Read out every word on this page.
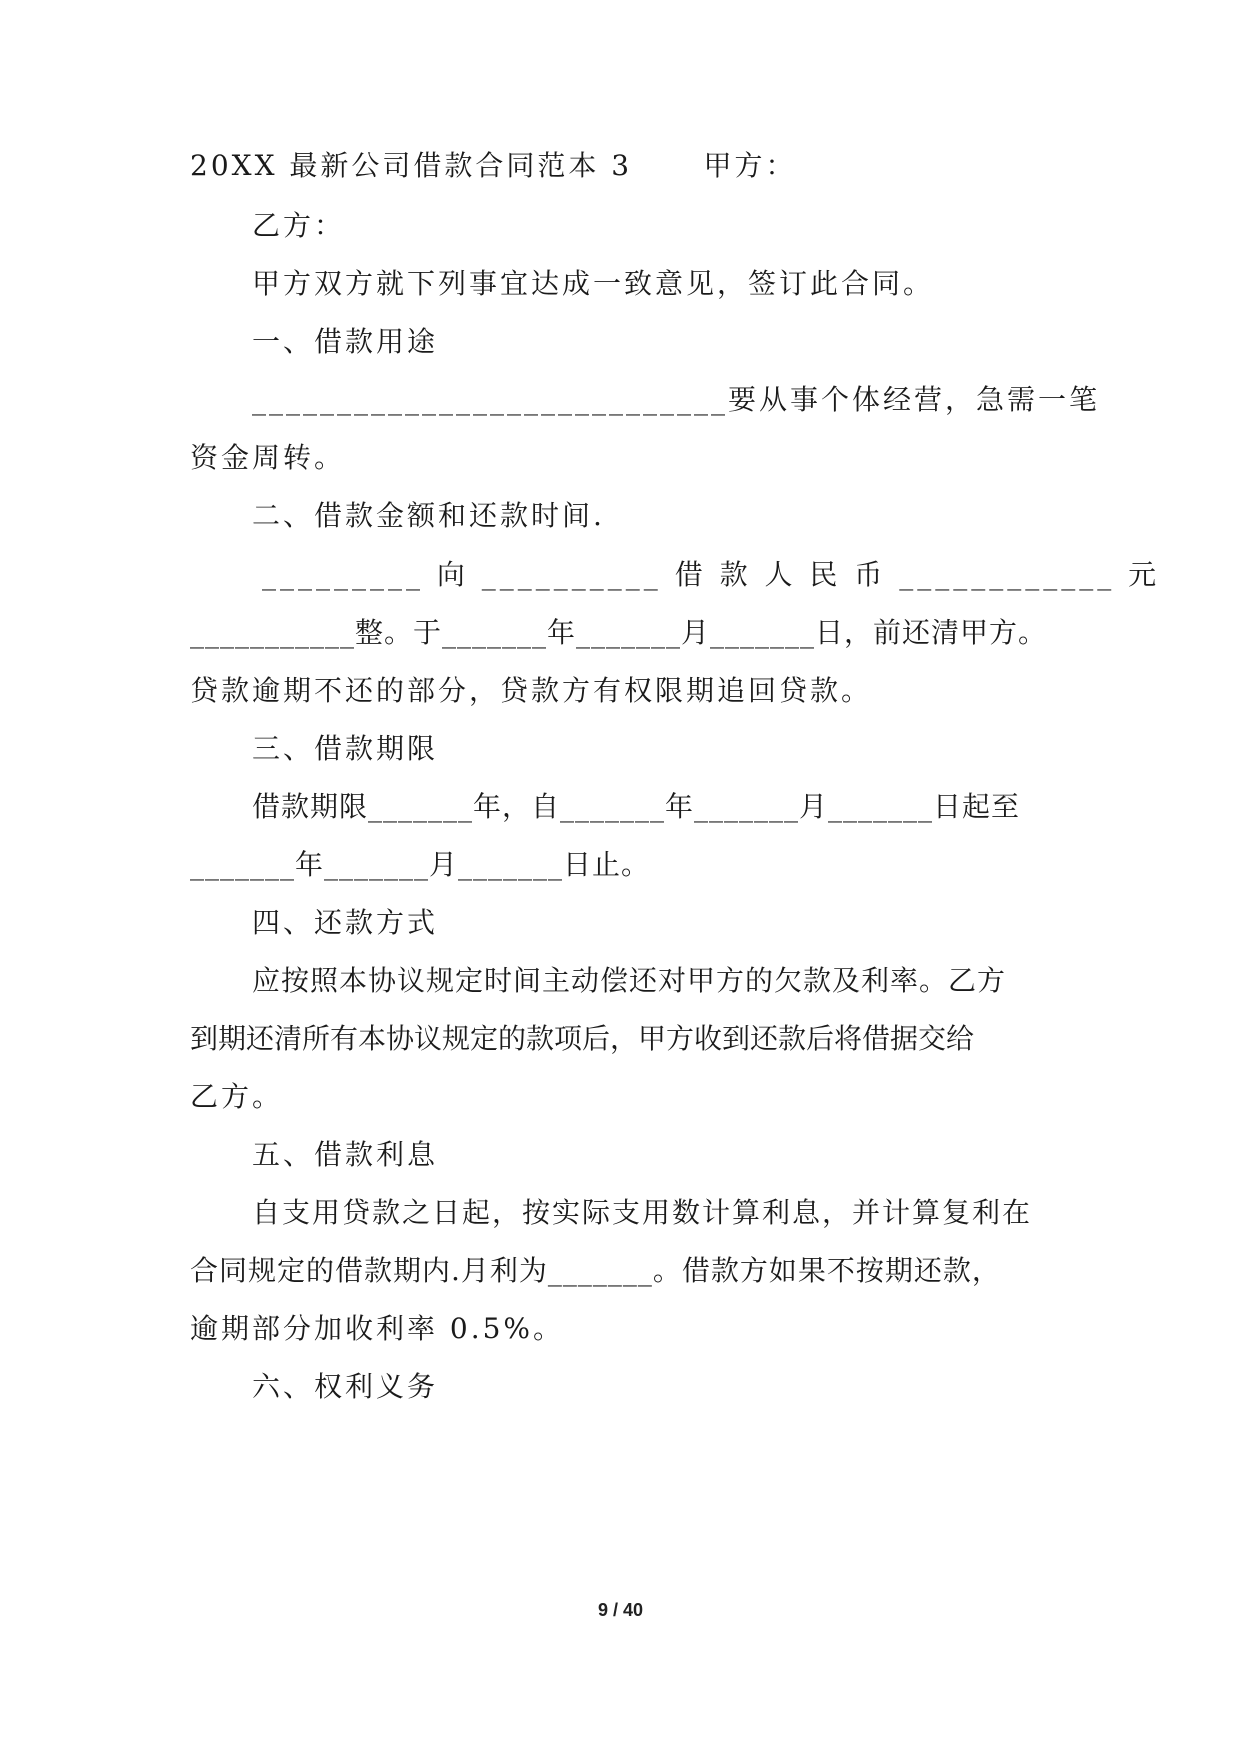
20XX 最新公司借款合同范本 3      甲方：
乙方：
甲方双方就下列事宜达成一致意见，签订此合同。
一、借款用途
____________________________要从事个体经营，急需一笔
资金周转。
二、借款金额和还款时间.
_________ 向 __________ 借 款 人 民 币 ____________ 元
___________整。于_______年_______月_______日，前还清甲方。
贷款逾期不还的部分，贷款方有权限期追回贷款。
三、借款期限
借款期限_______年，自_______年_______月_______日起至
_______年_______月_______日止。
四、还款方式
应按照本协议规定时间主动偿还对甲方的欠款及利率。乙方
到期还清所有本协议规定的款项后，甲方收到还款后将借据交给
乙方。
五、借款利息
自支用贷款之日起，按实际支用数计算利息，并计算复利在
合同规定的借款期内.月利为_______。借款方如果不按期还款，
逾期部分加收利率 0.5%。
六、权利义务
9 / 40
